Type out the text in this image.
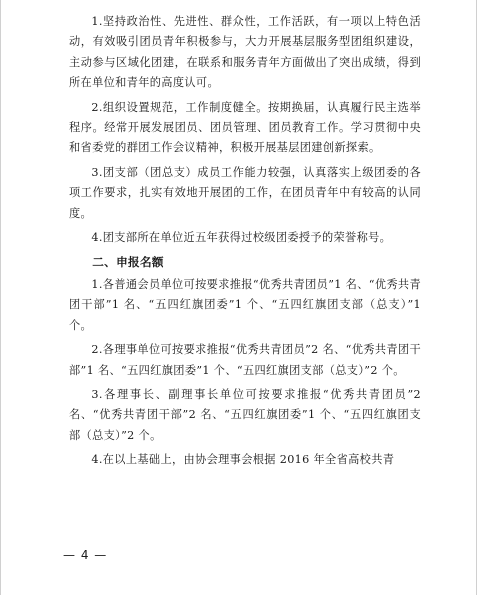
1.坚持政治性、先进性、群众性，工作活跃，有一项以上特色活动，有效吸引团员青年积极参与，大力开展基层服务型团组织建设，主动参与区域化团建，在联系和服务青年方面做出了突出成绩，得到所在单位和青年的高度认可。

2.组织设置规范，工作制度健全。按期换届，认真履行民主选举程序。经常开展发展团员、团员管理、团员教育工作。学习贯彻中央和省委党的群团工作会议精神，积极开展基层团建创新探索。

3.团支部（团总支）成员工作能力较强，认真落实上级团委的各项工作要求，扎实有效地开展团的工作，在团员青年中有较高的认同度。

4.团支部所在单位近五年获得过校级团委授予的荣誉称号。

二、申报名额

1.各普通会员单位可按要求推报“优秀共青团员”1 名、“优秀共青团干部”1 名、“五四红旗团委”1 个、“五四红旗团支部（总支）”1 个。

2.各理事单位可按要求推报“优秀共青团员”2 名、“优秀共青团干部”1 名、“五四红旗团委”1 个、“五四红旗团支部（总支）”2 个。

3.各理事长、副理事长单位可按要求推报“优秀共青团员”2 名、“优秀共青团干部”2 名、“五四红旗团委”1 个、“五四红旗团支部（总支）”2 个。

4.在以上基础上，由协会理事会根据 2016 年全省高校共青

— 4 —
